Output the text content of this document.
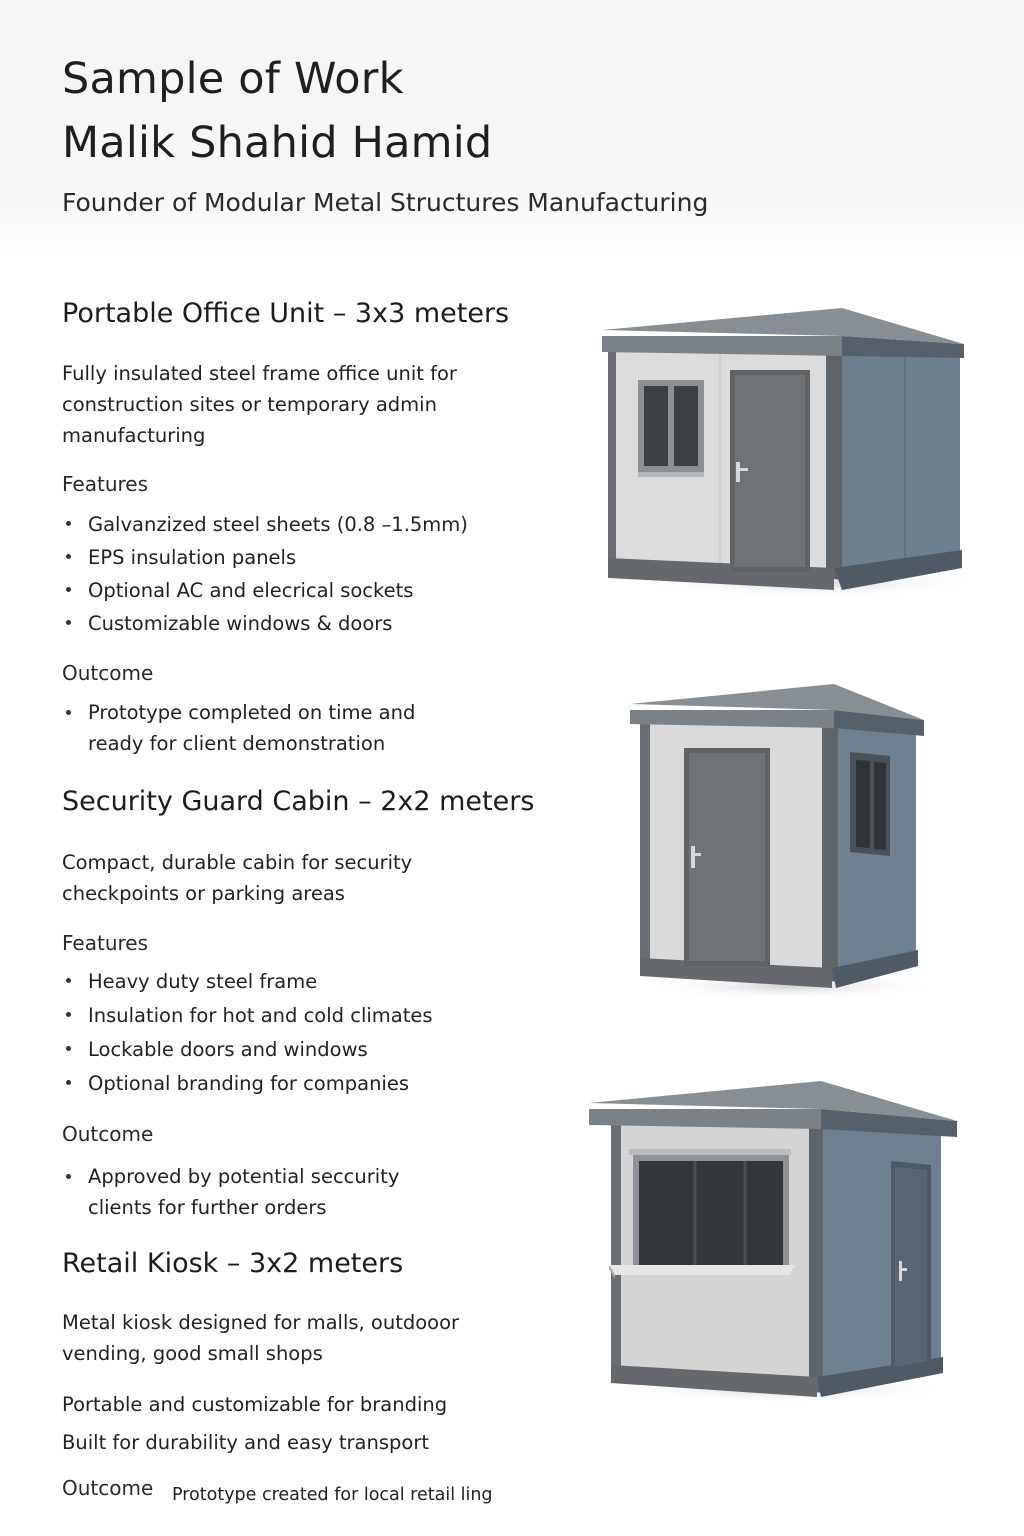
Sample of Work
Malik Shahid Hamid

Founder of Modular Metal Structures Manufacturing

Portable Office Unit – 3x3 meters

Fully insulated steel frame office unit for construction sites or temporary admin manufacturing

Features

Galvanzized steel sheets (0.8 –1.5mm)
EPS insulation panels
Optional AC and elecrical sockets
Customizable windows & doors

Outcome

Prototype completed on time and ready for client demonstration
Security Guard Cabin – 2x2 meters

Compact, durable cabin for security checkpoints or parking areas

Features

Heavy duty steel frame
Insulation for hot and cold climates
Lockable doors and windows
Optional branding for companies

Outcome

Approved by potential seccurity clients for further orders
Retail Kiosk – 3x2 meters

Metal kiosk designed for malls, outdooor vending, good small shops

Portable and customizable for branding

Built for durability and easy transport

Outcome Prototype created for local retail ling
